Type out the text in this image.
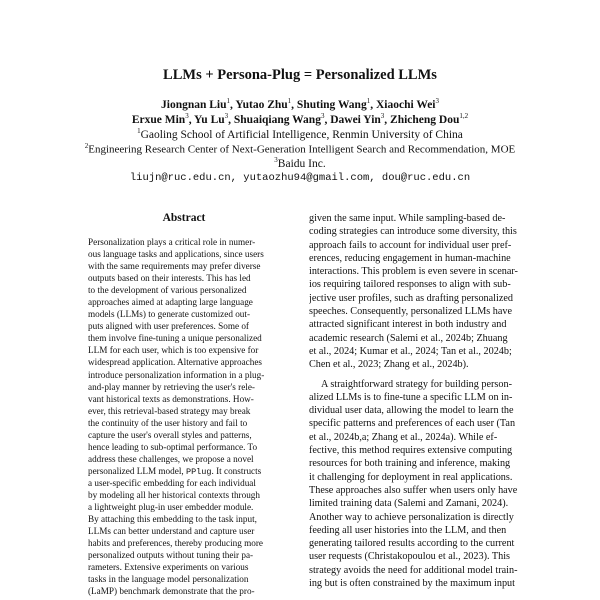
LLMs + Persona-Plug = Personalized LLMs
Jiongnan Liu$^1$, Yutao Zhu$^1$, Shuting Wang$^1$, Xiaochi Wei$^3$
Erxue Min$^3$, Yu Lu$^3$, Shuaiqiang Wang$^3$, Dawei Yin$^3$, Zhicheng Dou$^{1,2}$
$^1$Gaoling School of Artificial Intelligence, Renmin University of China
$^2$Engineering Research Center of Next-Generation Intelligent Search and Recommendation, MOE
$^3$Baidu Inc.
liujn@ruc.edu.cn, yutaozhu94@gmail.com, dou@ruc.edu.cn
Abstract
Personalization plays a critical role in numer-
ous language tasks and applications, since users
with the same requirements may prefer diverse
outputs based on their interests. This has led
to the development of various personalized
approaches aimed at adapting large language
models (LLMs) to generate customized out-
puts aligned with user preferences. Some of
them involve fine-tuning a unique personalized
LLM for each user, which is too expensive for
widespread application. Alternative approaches
introduce personalization information in a plug-
and-play manner by retrieving the user's rele-
vant historical texts as demonstrations. How-
ever, this retrieval-based strategy may break
the continuity of the user history and fail to
capture the user's overall styles and patterns,
hence leading to sub-optimal performance. To
address these challenges, we propose a novel
personalized LLM model, PPlug. It constructs
a user-specific embedding for each individual
by modeling all her historical contexts through
a lightweight plug-in user embedder module.
By attaching this embedding to the task input,
LLMs can better understand and capture user
habits and preferences, thereby producing more
personalized outputs without tuning their pa-
rameters. Extensive experiments on various
tasks in the language model personalization
(LaMP) benchmark demonstrate that the pro-
given the same input. While sampling-based de-
coding strategies can introduce some diversity, this
approach fails to account for individual user pref-
erences, reducing engagement in human-machine
interactions. This problem is even severe in scenar-
ios requiring tailored responses to align with sub-
jective user profiles, such as drafting personalized
speeches. Consequently, personalized LLMs have
attracted significant interest in both industry and
academic research (Salemi et al., 2024b; Zhuang
et al., 2024; Kumar et al., 2024; Tan et al., 2024b;
Chen et al., 2023; Zhang et al., 2024b).
A straightforward strategy for building person-
alized LLMs is to fine-tune a specific LLM on in-
dividual user data, allowing the model to learn the
specific patterns and preferences of each user (Tan
et al., 2024b,a; Zhang et al., 2024a). While ef-
fective, this method requires extensive computing
resources for both training and inference, making
it challenging for deployment in real applications.
These approaches also suffer when users only have
limited training data (Salemi and Zamani, 2024).
Another way to achieve personalization is directly
feeding all user histories into the LLM, and then
generating tailored results according to the current
user requests (Christakopoulou et al., 2023). This
strategy avoids the need for additional model train-
ing but is often constrained by the maximum input
